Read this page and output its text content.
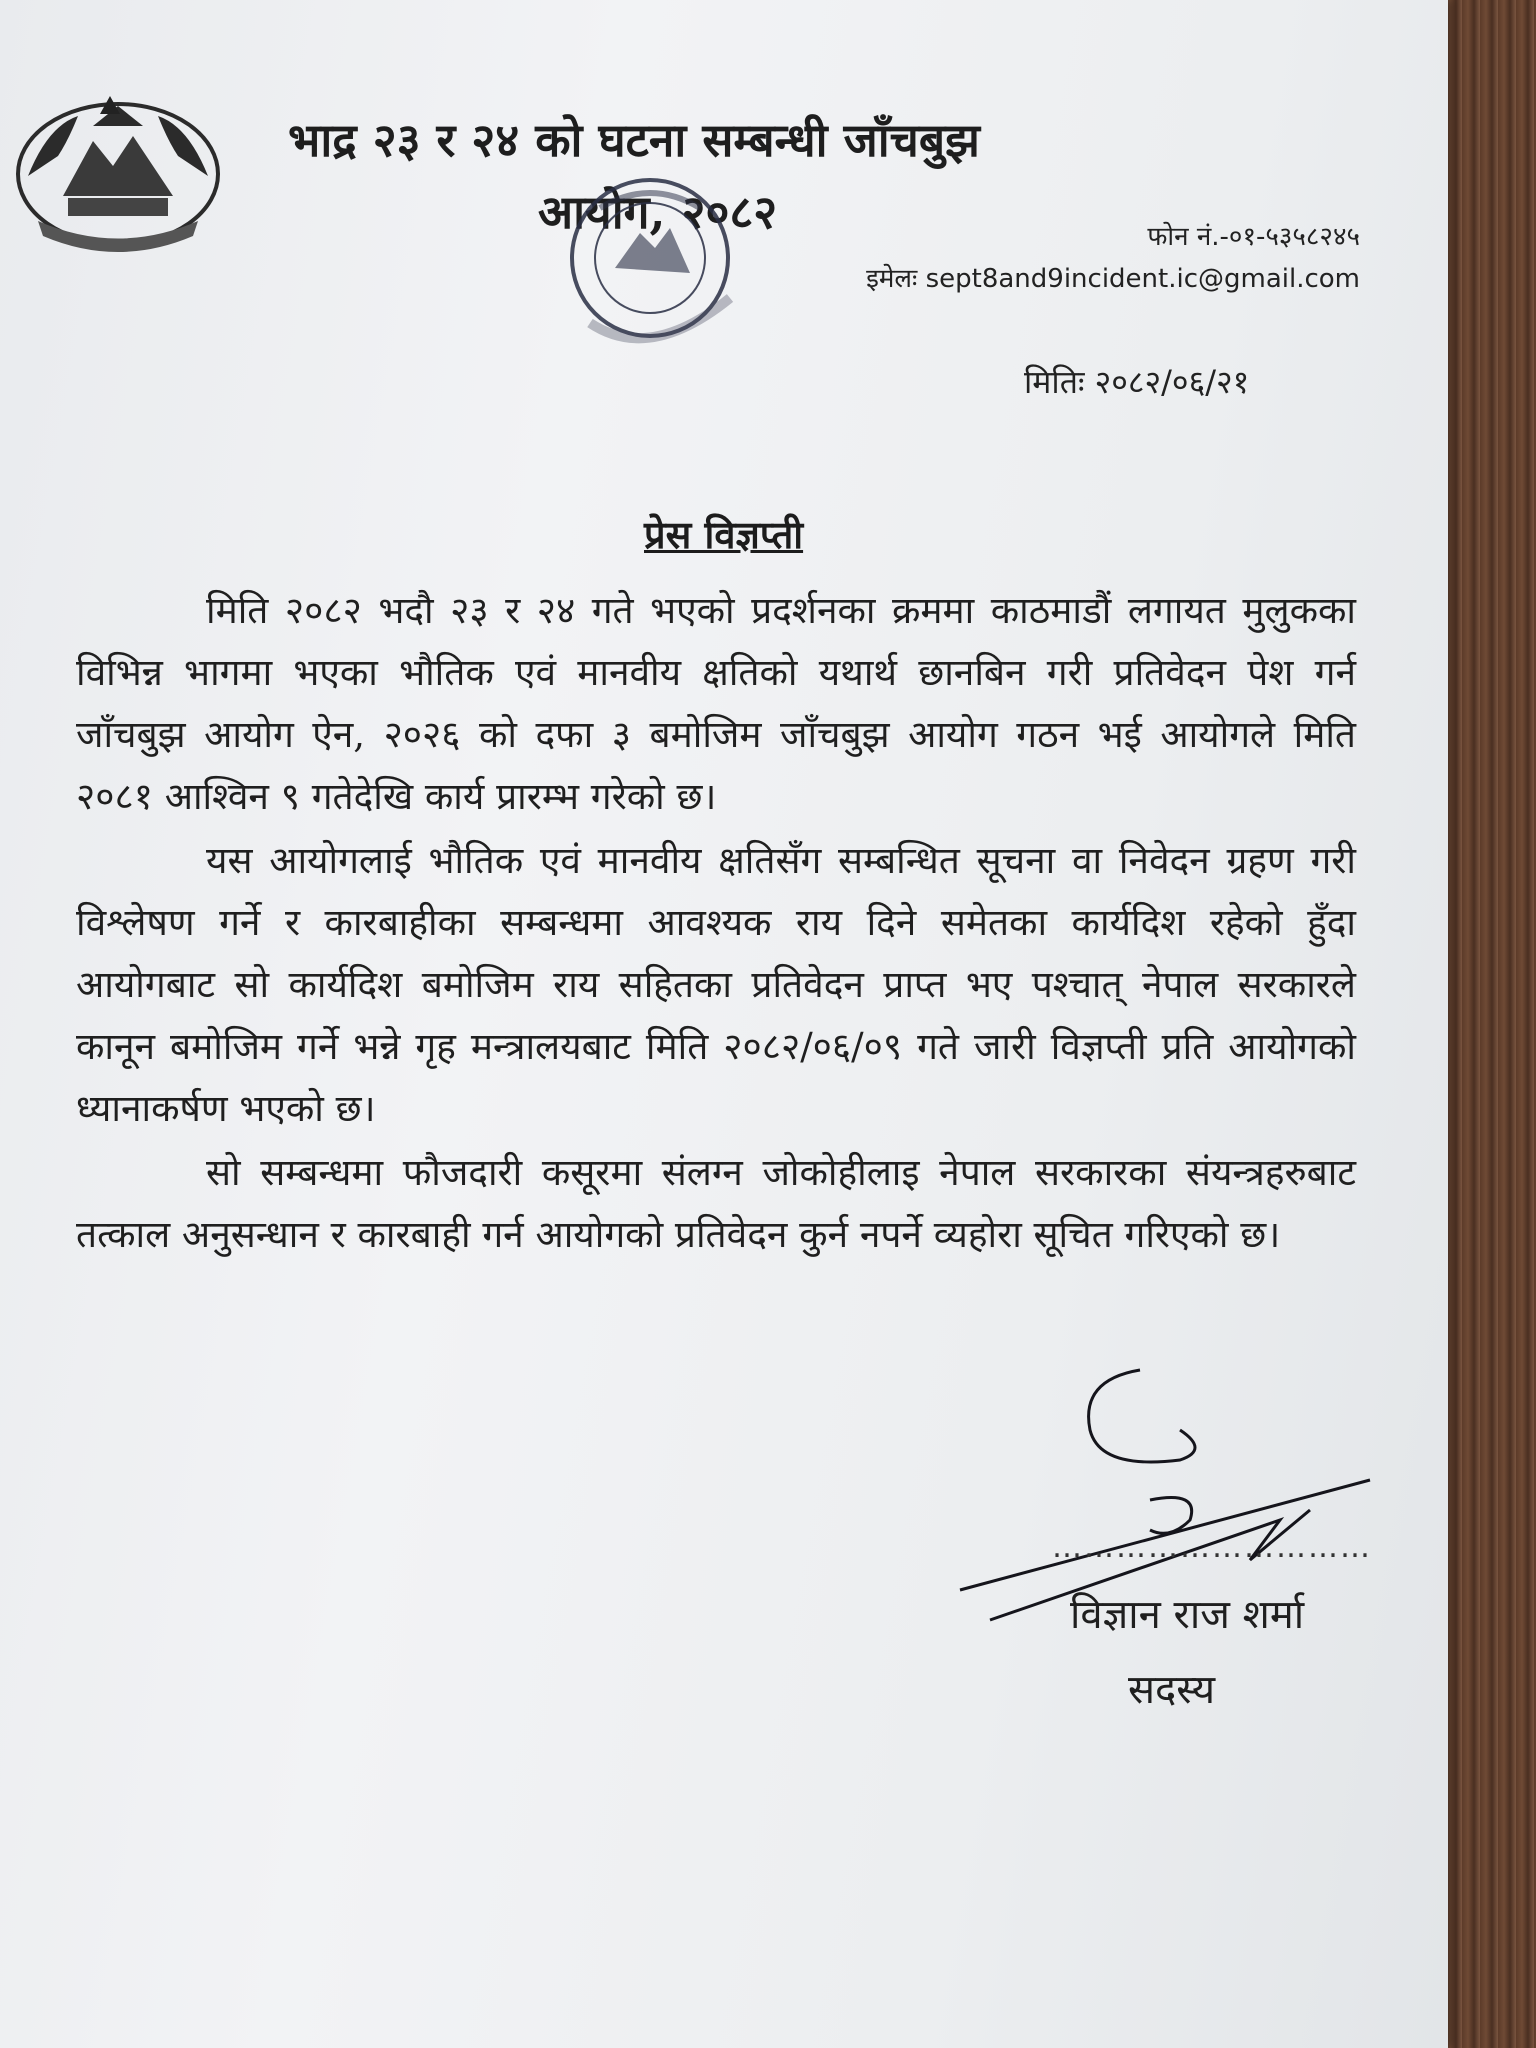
भाद्र २३ र २४ को घटना सम्बन्धी जाँचबुझ
आयोग, २०८२	फोन नं.-०१-५३५८२४५
इमेलः sept8and9incident.ic@gmail.com
मितिः २०८२/०६/२१
प्रेस विज्ञप्ती

मिति २०८२ भदौ २३ र २४ गते भएको प्रदर्शनका क्रममा काठमाडौं लगायत मुलुकका विभिन्न भागमा भएका भौतिक एवं मानवीय क्षतिको यथार्थ छानबिन गरी प्रतिवेदन पेश गर्न जाँचबुझ आयोग ऐन, २०२६ को दफा ३ बमोजिम जाँचबुझ आयोग गठन भई आयोगले मिति २०८१ आश्विन ९ गतेदेखि कार्य प्रारम्भ गरेको छ।

यस आयोगलाई भौतिक एवं मानवीय क्षतिसँग सम्बन्धित सूचना वा निवेदन ग्रहण गरी विश्लेषण गर्ने र कारबाहीका सम्बन्धमा आवश्यक राय दिने समेतका कार्यदिश रहेको हुँदा आयोगबाट सो कार्यदिश बमोजिम राय सहितका प्रतिवेदन प्राप्त भए पश्चात् नेपाल सरकारले कानून बमोजिम गर्ने भन्ने गृह मन्त्रालयबाट मिति २०८२/०६/०९ गते जारी विज्ञप्ती प्रति आयोगको ध्यानाकर्षण भएको छ।

सो सम्बन्धमा फौजदारी कसूरमा संलग्न जोकोहीलाइ नेपाल सरकारका संयन्त्रहरुबाट तत्काल अनुसन्धान र कारबाही गर्न आयोगको प्रतिवेदन कुर्न नपर्ने व्यहोरा सूचित गरिएको छ।

…………………………
विज्ञान राज शर्मा
सदस्य
